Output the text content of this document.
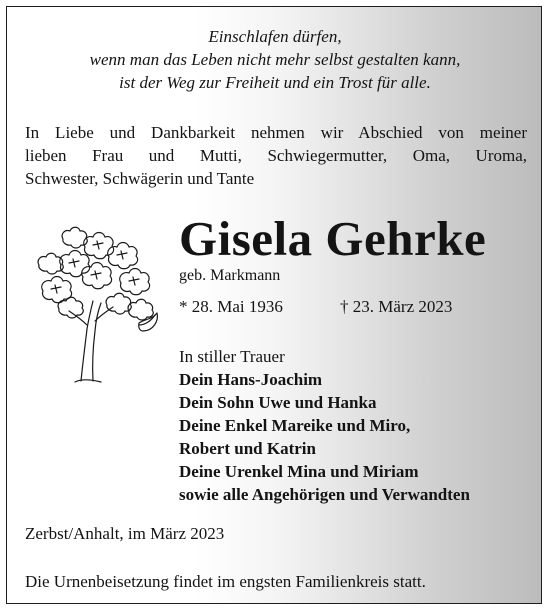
Einschlafen dürfen,
wenn man das Leben nicht mehr selbst gestalten kann,
ist der Weg zur Freiheit und ein Trost für alle.
In Liebe und Dankbarkeit nehmen wir Abschied von meiner
lieben Frau und Mutti, Schwiegermutter, Oma, Uroma,
Schwester, Schwägerin und Tante
Gisela Gehrke
geb. Markmann
* 28. Mai 1936	† 23. März 2023
In stiller Trauer
Dein Hans-Joachim
Dein Sohn Uwe und Hanka
Deine Enkel Mareike und Miro,
Robert und Katrin
Deine Urenkel Mina und Miriam
sowie alle Angehörigen und Verwandten
Zerbst/Anhalt, im März 2023
Die Urnenbeisetzung findet im engsten Familienkreis statt.
